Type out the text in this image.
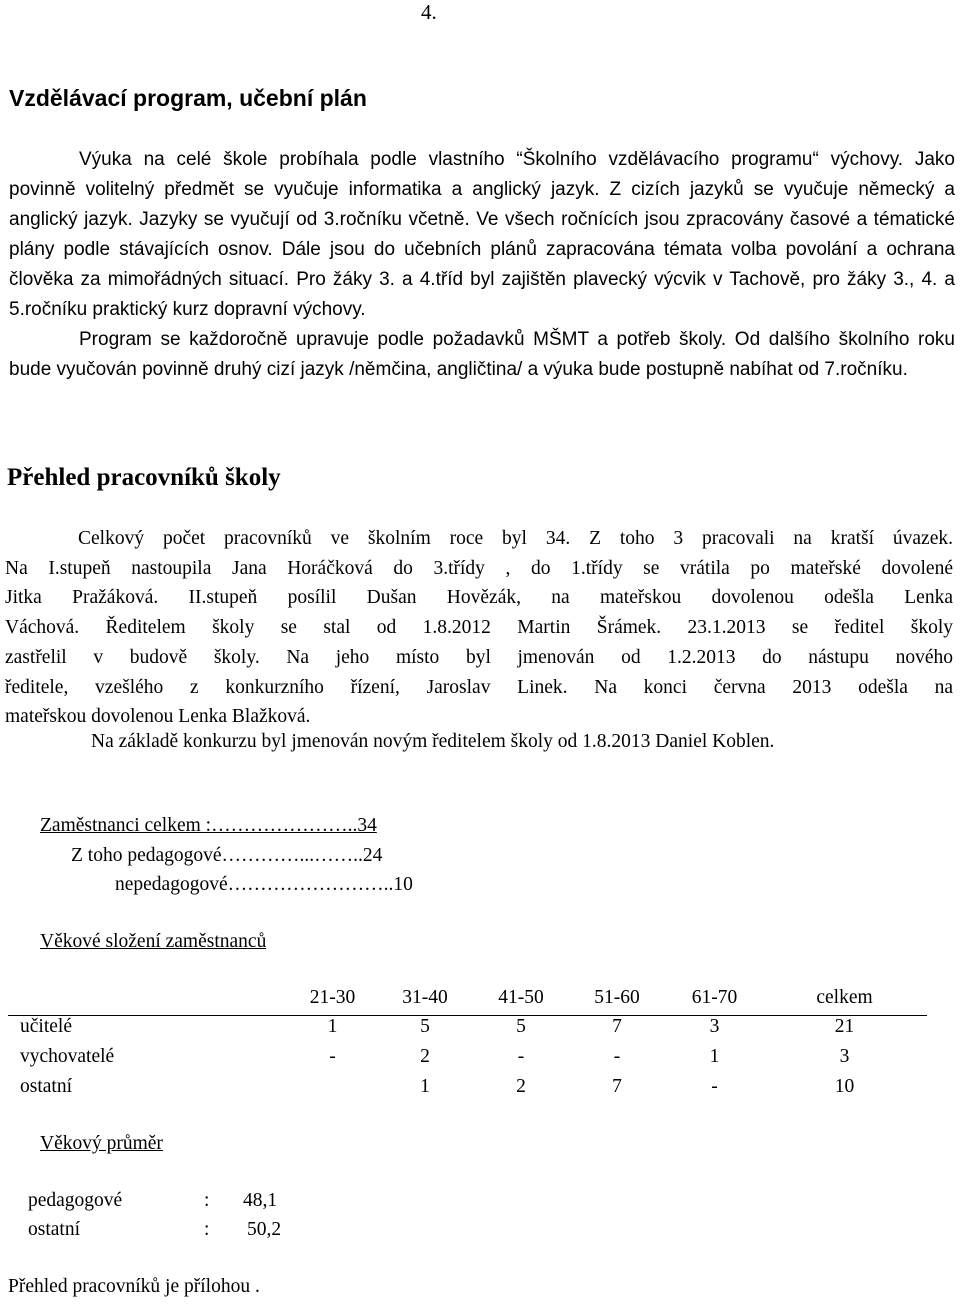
4.
Vzdělávací program, učební plán
Výuka na celé škole probíhala podle vlastního “Školního vzdělávacího programu“ výchovy. Jako povinně volitelný předmět se vyučuje informatika a anglický jazyk. Z cizích jazyků se vyučuje německý a anglický jazyk. Jazyky se vyučují od 3.ročníku včetně. Ve všech ročnících jsou zpracovány časové a tématické plány podle stávajících osnov. Dále jsou do učebních plánů zapracována témata volba povolání a ochrana člověka za mimořádných situací. Pro žáky 3. a 4.tříd byl zajištěn plavecký výcvik v Tachově, pro žáky 3., 4. a 5.ročníku praktický kurz dopravní výchovy.
Program se každoročně upravuje podle požadavků MŠMT a potřeb školy. Od dalšího školního roku bude vyučován povinně druhý cizí jazyk /němčina, angličtina/ a výuka bude postupně nabíhat od 7.ročníku.
Přehled pracovníků školy
Celkový počet pracovníků ve školním roce byl 34. Z toho 3 pracovali na kratší úvazek.
Na I.stupeň nastoupila Jana Horáčková do 3.třídy , do 1.třídy se vrátila po mateřské dovolené
Jitka Pražáková. II.stupeň posílil Dušan Hovězák, na mateřskou dovolenou odešla Lenka
Váchová. Ředitelem školy se stal od 1.8.2012 Martin Šrámek. 23.1.2013 se ředitel školy
zastřelil v budově školy. Na jeho místo byl jmenován od 1.2.2013 do nástupu nového
ředitele, vzešlého z konkurzního řízení, Jaroslav Linek. Na konci června 2013 odešla na
mateřskou dovolenou Lenka Blažková.
Na základě konkurzu byl jmenován novým ředitelem školy od 1.8.2013 Daniel Koblen.
Zaměstnanci celkem :…………………..34
Z toho pedagogové…………...……..24
nepedagogové……………………..10
Věkové složení zaměstnanců
	21-30	31-40	41-50	51-60	61-70	celkem
učitelé	1	5	5	7	3	21
vychovatelé	-	2	-	-	1	3
ostatní		1	2	7	-	10
Věkový průměr
pedagogové	: 48,1
ostatní	: 50,2
Přehled pracovníků je přílohou .
